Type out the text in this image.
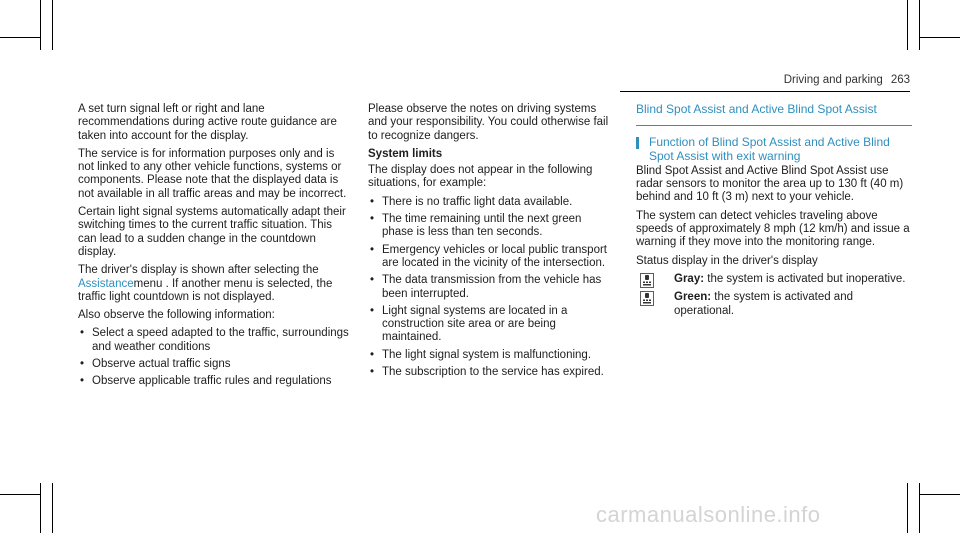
Driving and parking 263

A set turn signal left or right and lane recommendations during active route guidance are taken into account for the display.

The service is for information purposes only and is not linked to any other vehicle functions, systems or components. Please note that the displayed data is not available in all traffic areas and may be incorrect.

Certain light signal systems automatically adapt their switching times to the current traffic situation. This can lead to a sudden change in the countdown display.

The driver's display is shown after selecting the Assistancemenu . If another menu is selected, the traffic light countdown is not displayed.

Also observe the following information:

• Select a speed adapted to the traffic, surroundings and weather conditions
• Observe actual traffic signs
• Observe applicable traffic rules and regulations

Please observe the notes on driving systems and your responsibility. You could otherwise fail to recognize dangers.

System limits

The display does not appear in the following situations, for example:

• There is no traffic light data available.
• The time remaining until the next green phase is less than ten seconds.
• Emergency vehicles or local public transport are located in the vicinity of the intersection.
• The data transmission from the vehicle has been interrupted.
• Light signal systems are located in a construction site area or are being maintained.
• The light signal system is malfunctioning.
• The subscription to the service has expired.
Blind Spot Assist and Active Blind Spot Assist
Function of Blind Spot Assist and Active Blind Spot Assist with exit warning

Blind Spot Assist and Active Blind Spot Assist use radar sensors to monitor the area up to 130 ft (40 m) behind and 10 ft (3 m) next to your vehicle.

The system can detect vehicles traveling above speeds of approximately 8 mph (12 km/h) and issue a warning if they move into the monitoring range.

Status display in the driver's display

Gray: the system is activated but inoperative.
Green: the system is activated and operational.
carmanualsonline.info
